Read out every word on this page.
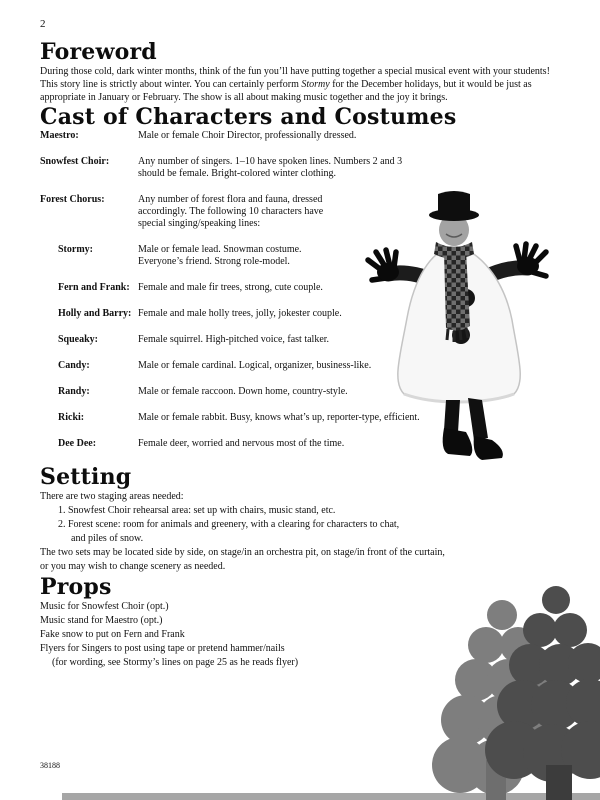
2
Foreword

During those cold, dark winter months, think of the fun you’ll have putting together a special musical event with your students! This story line is strictly about winter. You can certainly perform Stormy for the December holidays, but it would be just as appropriate in January or February. The show is all about making music together and the joy it brings.

Cast of Characters and Costumes
Maestro:	Male or female Choir Director, professionally dressed.
Snowfest Choir:	Any number of singers. 1–10 have spoken lines. Numbers 2 and 3 should be female. Bright-colored winter clothing.
Forest Chorus:	Any number of forest flora and fauna, dressed accordingly. The following 10 characters have special singing/speaking lines:
Stormy:	Male or female lead. Snowman costume. Everyone’s friend. Strong role-model.
Fern and Frank: Female and male fir trees, strong, cute couple.
Holly and Barry: Female and male holly trees, jolly, jokester couple.
Squeaky:	Female squirrel. High-pitched voice, fast talker.
Candy:	Male or female cardinal. Logical, organizer, business-like.
Randy:	Male or female raccoon. Down home, country-style.
Ricki:	Male or female rabbit. Busy, knows what’s up, reporter-type, efficient.
Dee Dee:	Female deer, worried and nervous most of the time.
Setting
There are two staging areas needed:
1. Snowfest Choir rehearsal area: set up with chairs, music stand, etc.
2. Forest scene: room for animals and greenery, with a clearing for characters to chat,
and piles of snow.
The two sets may be located side by side, on stage/in an orchestra pit, on stage/in front of the curtain,
or you may wish to change scenery as needed.
Props
Music for Snowfest Choir (opt.)
Music stand for Maestro (opt.)
Fake snow to put on Fern and Frank
Flyers for Singers to post using tape or pretend hammer/nails
(for wording, see Stormy’s lines on page 25 as he reads flyer)
38188
